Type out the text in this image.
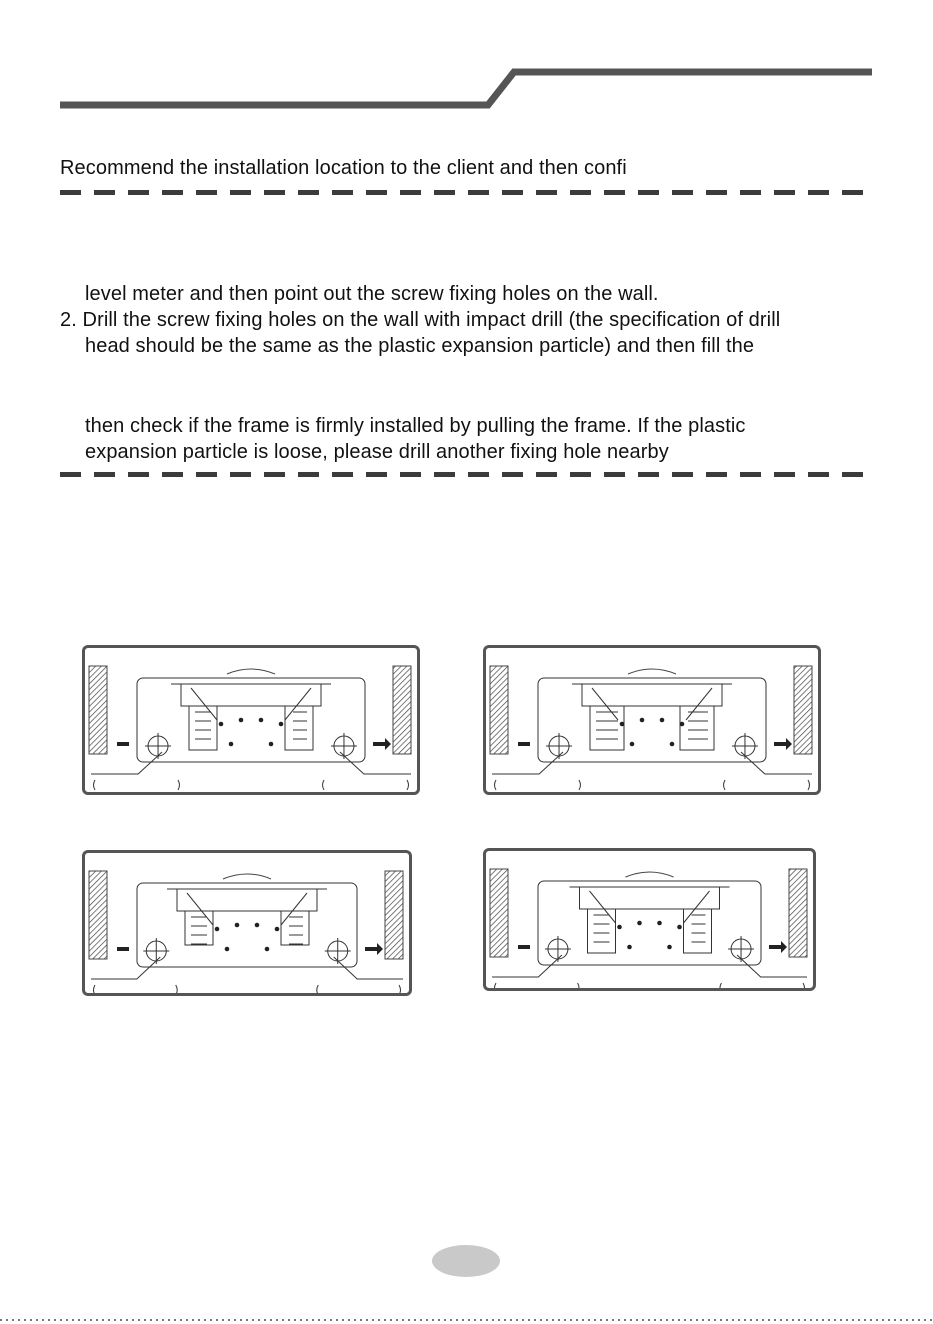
Recommend the installation location to the client and then confi
level meter and then point out the screw fixing holes on the wall.
2. Drill the screw fixing holes on the wall with impact drill (the specification of drill
head should be the same as the plastic expansion particle) and then fill the
then check if the frame is firmly installed by pulling the frame. If the plastic
expansion particle is loose, please drill another fixing hole nearby
